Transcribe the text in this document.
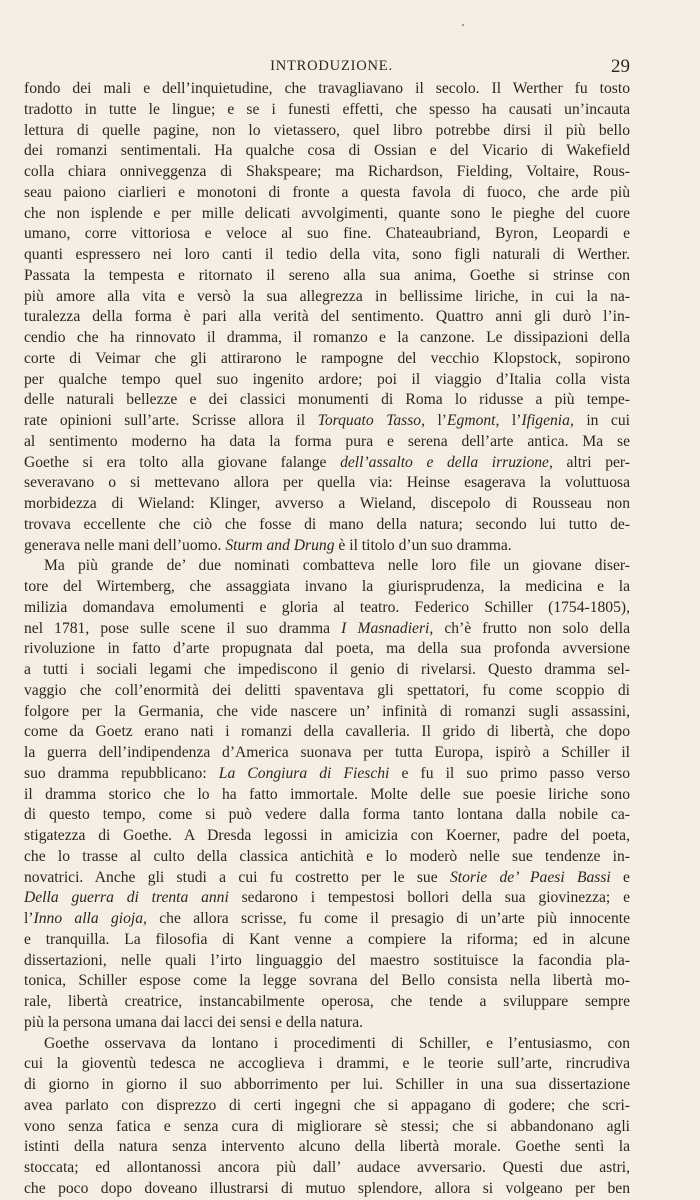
INTRODUZIONE.	29
fondo dei mali e dell’inquietudine, che travagliavano il secolo. Il Werther fu tosto
tradotto in tutte le lingue; e se i funesti effetti, che spesso ha causati un’incauta
lettura di quelle pagine, non lo vietassero, quel libro potrebbe dirsi il più bello
dei romanzi sentimentali. Ha qualche cosa di Ossian e del Vicario di Wakefield
colla chiara onniveggenza di Shakspeare; ma Richardson, Fielding, Voltaire, Rous-
seau paiono ciarlieri e monotoni di fronte a questa favola di fuoco, che arde più
che non isplende e per mille delicati avvolgimenti, quante sono le pieghe del cuore
umano, corre vittoriosa e veloce al suo fine. Chateaubriand, Byron, Leopardi e
quanti espressero nei loro canti il tedio della vita, sono figli naturali di Werther.
Passata la tempesta e ritornato il sereno alla sua anima, Goethe si strinse con
più amore alla vita e versò la sua allegrezza in bellissime liriche, in cui la na-
turalezza della forma è pari alla verità del sentimento. Quattro anni gli durò l’in-
cendio che ha rinnovato il dramma, il romanzo e la canzone. Le dissipazioni della
corte di Veimar che gli attirarono le rampogne del vecchio Klopstock, sopirono
per qualche tempo quel suo ingenito ardore; poi il viaggio d’Italia colla vista
delle naturali bellezze e dei classici monumenti di Roma lo ridusse a più tempe-
rate opinioni sull’arte. Scrisse allora il Torquato Tasso, l’Egmont, l’Ifigenia, in cui
al sentimento moderno ha data la forma pura e serena dell’arte antica. Ma se
Goethe si era tolto alla giovane falange dell’assalto e della irruzione, altri per-
severavano o si mettevano allora per quella via: Heinse esagerava la voluttuosa
morbidezza di Wieland: Klinger, avverso a Wieland, discepolo di Rousseau non
trovava eccellente che ciò che fosse di mano della natura; secondo lui tutto de-
generava nelle mani dell’uomo. Sturm and Drung è il titolo d’un suo dramma.
Ma più grande de’ due nominati combatteva nelle loro file un giovane diser-
tore del Wirtemberg, che assaggiata invano la giurisprudenza, la medicina e la
milizia domandava emolumenti e gloria al teatro. Federico Schiller (1754-1805),
nel 1781, pose sulle scene il suo dramma I Masnadieri, ch’è frutto non solo della
rivoluzione in fatto d’arte propugnata dal poeta, ma della sua profonda avversione
a tutti i sociali legami che impediscono il genio di rivelarsi. Questo dramma sel-
vaggio che coll’enormità dei delitti spaventava gli spettatori, fu come scoppio di
folgore per la Germania, che vide nascere un’ infinità di romanzi sugli assassini,
come da Goetz erano nati i romanzi della cavalleria. Il grido di libertà, che dopo
la guerra dell’indipendenza d’America suonava per tutta Europa, ispirò a Schiller il
suo dramma repubblicano: La Congiura di Fieschi e fu il suo primo passo verso
il dramma storico che lo ha fatto immortale. Molte delle sue poesie liriche sono
di questo tempo, come si può vedere dalla forma tanto lontana dalla nobile ca-
stigatezza di Goethe. A Dresda legossi in amicizia con Koerner, padre del poeta,
che lo trasse al culto della classica antichità e lo moderò nelle sue tendenze in-
novatrici. Anche gli studi a cui fu costretto per le sue Storie de’ Paesi Bassi e
Della guerra di trenta anni sedarono i tempestosi bollori della sua giovinezza; e
l’Inno alla gioja, che allora scrisse, fu come il presagio di un’arte più innocente
e tranquilla. La filosofia di Kant venne a compiere la riforma; ed in alcune
dissertazioni, nelle quali l’irto linguaggio del maestro sostituisce la facondia pla-
tonica, Schiller espose come la legge sovrana del Bello consista nella libertà mo-
rale, libertà creatrice, instancabilmente operosa, che tende a sviluppare sempre
più la persona umana dai lacci dei sensi e della natura.
Goethe osservava da lontano i procedimenti di Schiller, e l’entusiasmo, con
cui la gioventù tedesca ne accoglieva i drammi, e le teorie sull’arte, rincrudiva
di giorno in giorno il suo abborrimento per lui. Schiller in una sua dissertazione
avea parlato con disprezzo di certi ingegni che si appagano di godere; che scri-
vono senza fatica e senza cura di migliorare sè stessi; che si abbandonano agli
istinti della natura senza intervento alcuno della libertà morale. Goethe sentì la
stoccata; ed allontanossi ancora più dall’ audace avversario. Questi due astri,
che poco dopo doveano illustrarsi di mutuo splendore, allora si volgeano per ben
